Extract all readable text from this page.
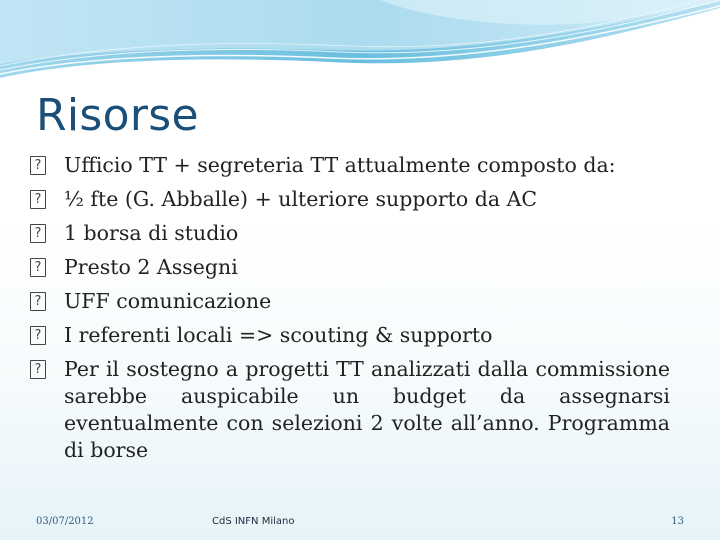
Risorse
?
Ufficio TT + segreteria TT attualmente composto da:
?
½ fte (G. Abballe) + ulteriore supporto da AC
?
1 borsa di studio
?
Presto 2 Assegni
?
UFF comunicazione
?
I referenti locali => scouting & supporto
?
Per il sostegno a progetti TT analizzati dalla commissione sarebbe auspicabile un budget da assegnarsi eventualmente con selezioni 2 volte all’anno. Programma di borse
03/07/2012	CdS INFN Milano	13
